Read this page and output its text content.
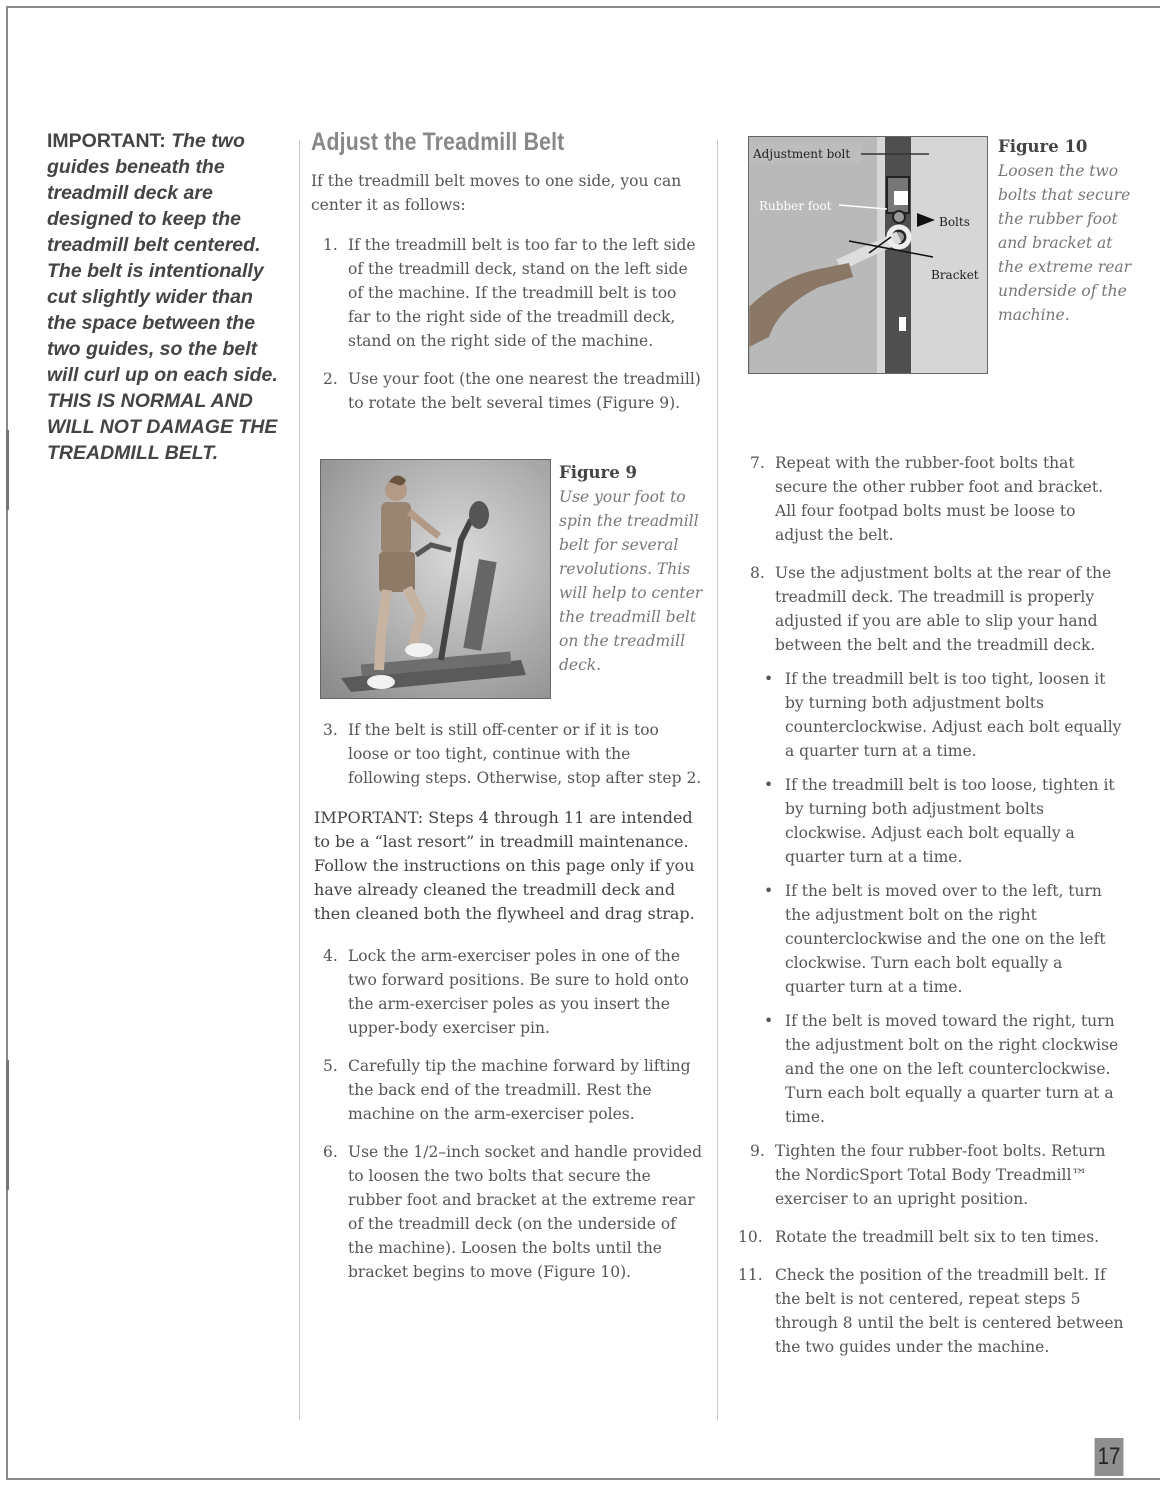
IMPORTANT: The two guides beneath the treadmill deck are designed to keep the treadmill belt centered. The belt is intentionally cut slightly wider than the space between the two guides, so the belt will curl up on each side. THIS IS NORMAL AND WILL NOT DAMAGE THE TREADMILL BELT.
Adjust the Treadmill Belt

If the treadmill belt moves to one side, you can center it as follows:

1. If the treadmill belt is too far to the left side of the treadmill deck, stand on the left side of the machine. If the treadmill belt is too far to the right side of the treadmill deck, stand on the right side of the machine.
2. Use your foot (the one nearest the treadmill) to rotate the belt several times (Figure 9).
Figure 9
Use your foot to spin the treadmill belt for several revolutions. This will help to center the treadmill belt on the treadmill deck.
3. If the belt is still off-center or if it is too loose or too tight, continue with the following steps. Otherwise, stop after step 2.

IMPORTANT: Steps 4 through 11 are intended to be a “last resort” in treadmill maintenance. Follow the instructions on this page only if you have already cleaned the treadmill deck and then cleaned both the flywheel and drag strap.

4. Lock the arm-exerciser poles in one of the two forward positions. Be sure to hold onto the arm-exerciser poles as you insert the upper-body exerciser pin.
5. Carefully tip the machine forward by lifting the back end of the treadmill. Rest the machine on the arm-exerciser poles.
6. Use the 1/2–inch socket and handle provided to loosen the two bolts that secure the rubber foot and bracket at the extreme rear of the treadmill deck (on the underside of the machine). Loosen the bolts until the bracket begins to move (Figure 10).
Adjustment bolt
Rubber foot
Bolts
Bracket
Figure 10
Loosen the two bolts that secure the rubber foot and bracket at the extreme rear underside of the machine.
7. Repeat with the rubber-foot bolts that secure the other rubber foot and bracket. All four footpad bolts must be loose to adjust the belt.
8. Use the adjustment bolts at the rear of the treadmill deck. The treadmill is properly adjusted if you are able to slip your hand between the belt and the treadmill deck.
• If the treadmill belt is too tight, loosen it by turning both adjustment bolts counterclockwise. Adjust each bolt equally a quarter turn at a time.
• If the treadmill belt is too loose, tighten it by turning both adjustment bolts clockwise. Adjust each bolt equally a quarter turn at a time.
• If the belt is moved over to the left, turn the adjustment bolt on the right counterclockwise and the one on the left clockwise. Turn each bolt equally a quarter turn at a time.
• If the belt is moved toward the right, turn the adjustment bolt on the right clockwise and the one on the left counterclockwise. Turn each bolt equally a quarter turn at a time.
9. Tighten the four rubber-foot bolts. Return the NordicSport Total Body Treadmill™ exerciser to an upright position.
10. Rotate the treadmill belt six to ten times.
11. Check the position of the treadmill belt. If the belt is not centered, repeat steps 5 through 8 until the belt is centered between the two guides under the machine.
17
